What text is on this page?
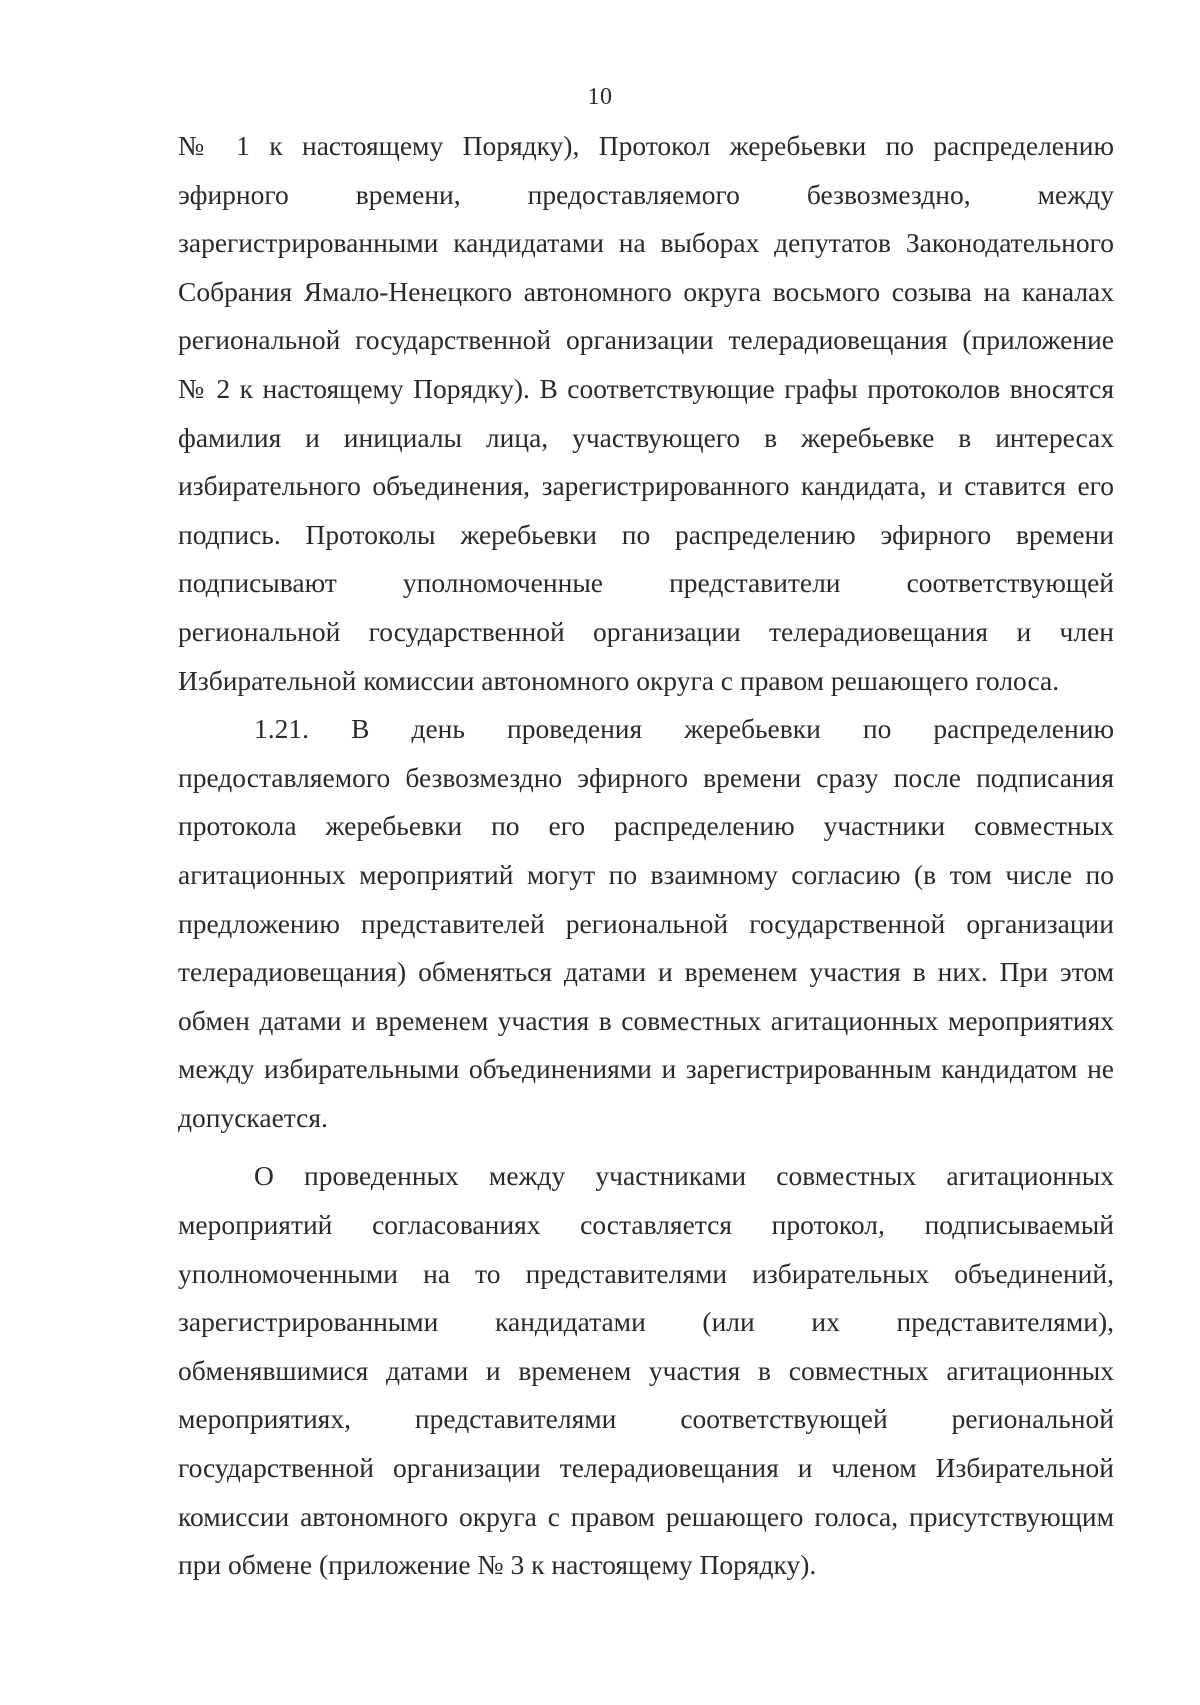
10
№ 1 к настоящему Порядку), Протокол жеребьевки по распределению
эфирного времени, предоставляемого безвозмездно, между
зарегистрированными кандидатами на выборах депутатов Законодательного
Собрания Ямало-Ненецкого автономного округа восьмого созыва на каналах
региональной государственной организации телерадиовещания (приложение
№ 2 к настоящему Порядку). В соответствующие графы протоколов вносятся
фамилия и инициалы лица, участвующего в жеребьевке в интересах
избирательного объединения, зарегистрированного кандидата, и ставится его
подпись. Протоколы жеребьевки по распределению эфирного времени
подписывают уполномоченные представители соответствующей
региональной государственной организации телерадиовещания и член
Избирательной комиссии автономного округа с правом решающего голоса.
1.21. В день проведения жеребьевки по распределению
предоставляемого безвозмездно эфирного времени сразу после подписания
протокола жеребьевки по его распределению участники совместных
агитационных мероприятий могут по взаимному согласию (в том числе по
предложению представителей региональной государственной организации
телерадиовещания) обменяться датами и временем участия в них. При этом
обмен датами и временем участия в совместных агитационных мероприятиях
между избирательными объединениями и зарегистрированным кандидатом не
допускается.
О проведенных между участниками совместных агитационных
мероприятий согласованиях составляется протокол, подписываемый
уполномоченными на то представителями избирательных объединений,
зарегистрированными кандидатами (или их представителями),
обменявшимися датами и временем участия в совместных агитационных
мероприятиях, представителями соответствующей региональной
государственной организации телерадиовещания и членом Избирательной
комиссии автономного округа с правом решающего голоса, присутствующим
при обмене (приложение № 3 к настоящему Порядку).
